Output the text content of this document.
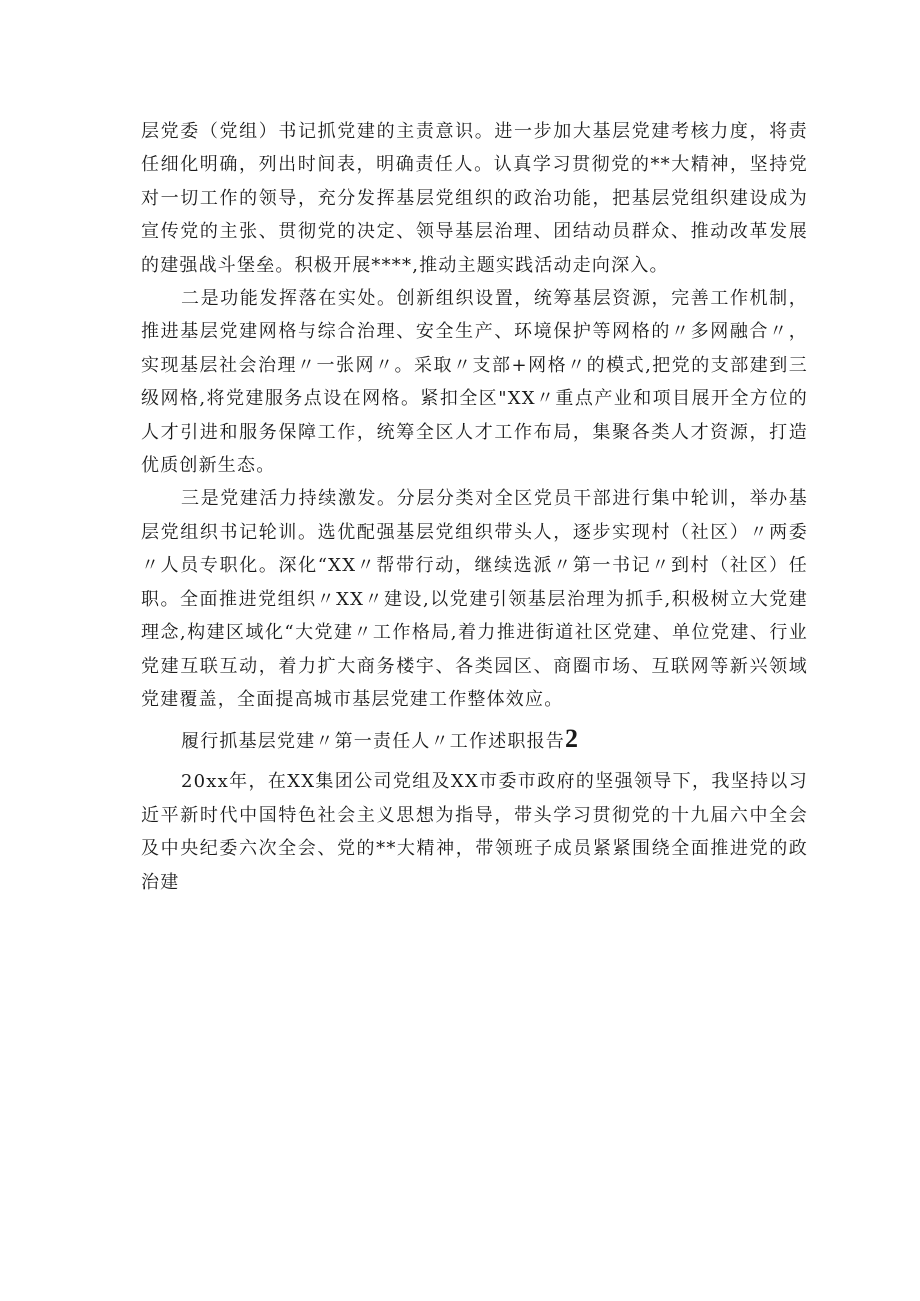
层党委（党组）书记抓党建的主责意识。进一步加大基层党建考核力度，将责任细化明确，列出时间表，明确责任人。认真学习贯彻党的**大精神，坚持党对一切工作的领导，充分发挥基层党组织的政治功能，把基层党组织建设成为宣传党的主张、贯彻党的决定、领导基层治理、团结动员群众、推动改革发展的建强战斗堡垒。积极开展****,推动主题实践活动走向深入。

二是功能发挥落在实处。创新组织设置，统筹基层资源，完善工作机制，推进基层党建网格与综合治理、安全生产、环境保护等网格的〃多网融合〃，实现基层社会治理〃一张网〃。采取〃支部+网格〃的模式,把党的支部建到三级网格,将党建服务点设在网格。紧扣全区"XX〃重点产业和项目展开全方位的人才引进和服务保障工作，统筹全区人才工作布局，集聚各类人才资源，打造优质创新生态。

三是党建活力持续激发。分层分类对全区党员干部进行集中轮训，举办基层党组织书记轮训。选优配强基层党组织带头人，逐步实现村（社区）〃两委〃人员专职化。深化“XX〃帮带行动，继续选派〃第一书记〃到村（社区）任职。全面推进党组织〃XX〃建设,以党建引领基层治理为抓手,积极树立大党建理念,构建区域化“大党建〃工作格局,着力推进街道社区党建、单位党建、行业党建互联互动，着力扩大商务楼宇、各类园区、商圈市场、互联网等新兴领域党建覆盖，全面提高城市基层党建工作整体效应。

履行抓基层党建〃第一责任人〃工作述职报告2

20xx年，在XX集团公司党组及XX市委市政府的坚强领导下，我坚持以习近平新时代中国特色社会主义思想为指导，带头学习贯彻党的十九届六中全会及中央纪委六次全会、党的**大精神，带领班子成员紧紧围绕全面推进党的政治建
